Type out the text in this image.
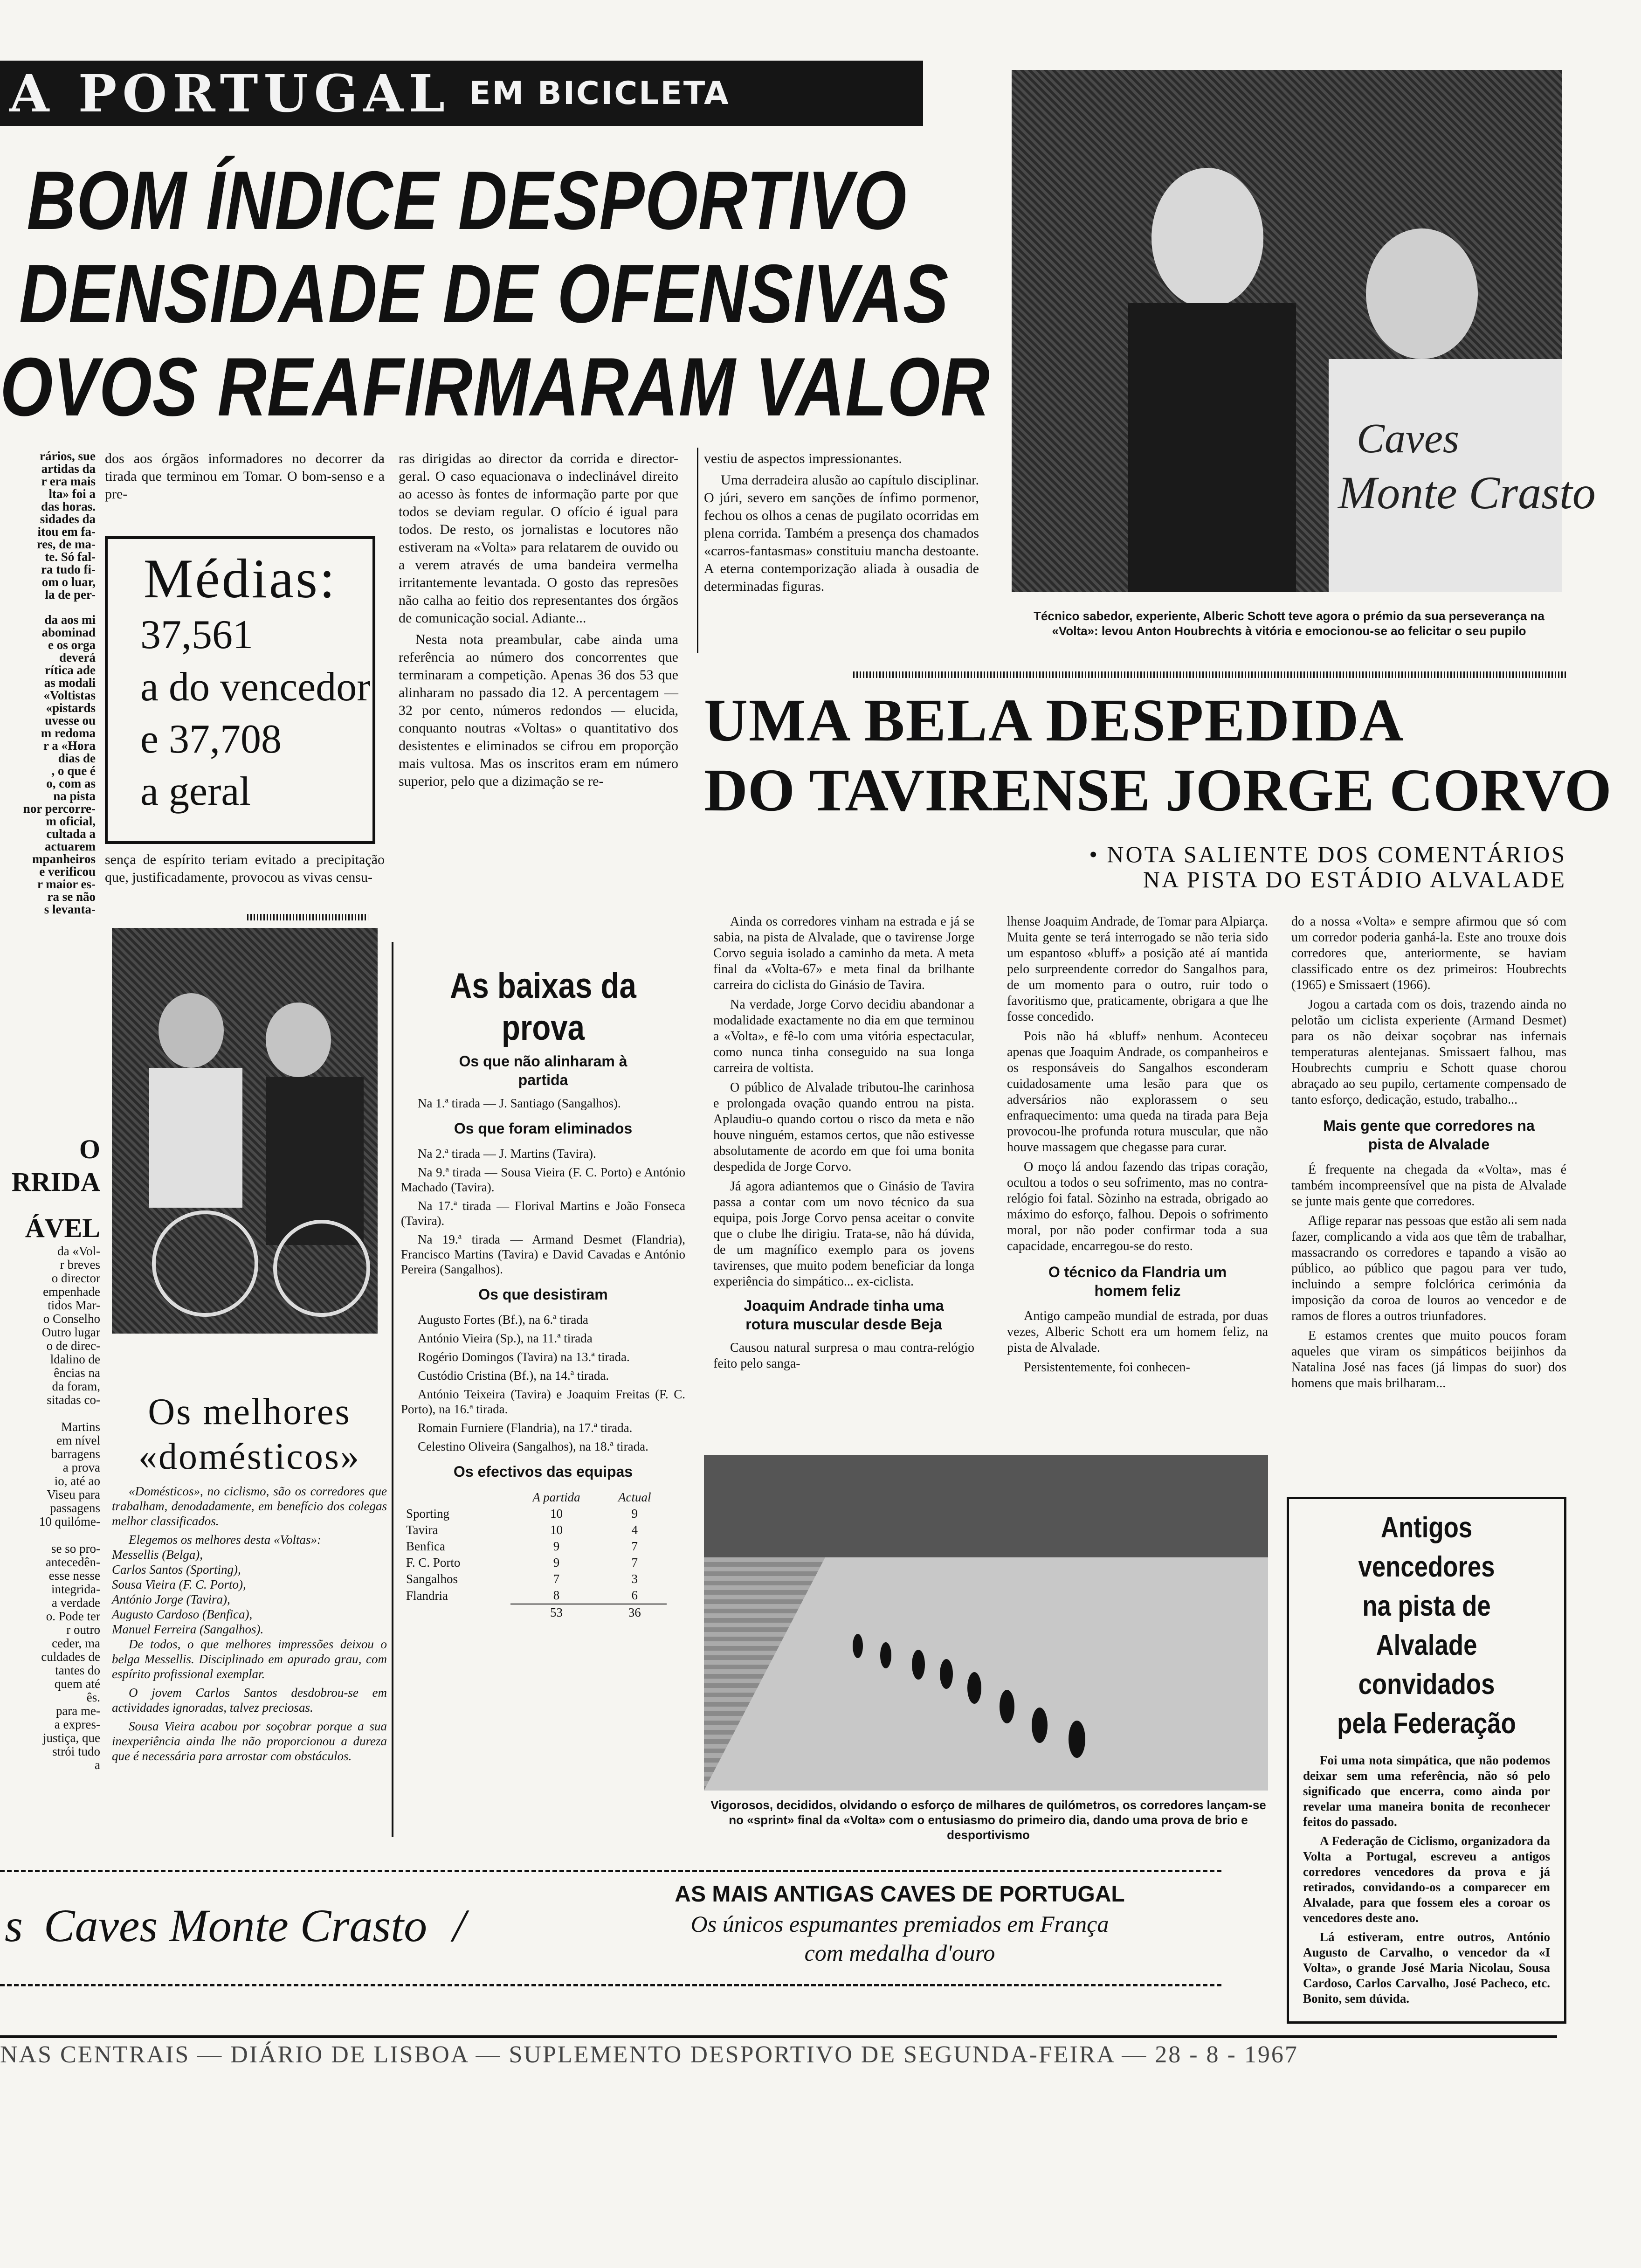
A PORTUGAL EM BICICLETA
BOM ÍNDICE DESPORTIVO
DENSIDADE DE OFENSIVAS
OVOS REAFIRMARAM VALOR
rários, sue
artidas da
r era mais
lta» foi a
das horas.
sidades da
itou em fa-
res, de ma-
te. Só fal-
ra tudo fi-
om o luar,
la de per-
da aos mi
abominad
e os orga
deverá
rítica ade
as modali
«Voltistas
«pistards
uvesse ou
m redoma
r a «Hora
dias de
, o que é
o, com as
na pista
nor percorre-
m oficial,
cultada a
actuarem
mpanheiros
e verificou
r maior es-
ra se não
s levanta-
Médias:
37,561
a do vencedor
e 37,708
a geral

dos aos órgãos informadores no decorrer da tirada que terminou em Tomar. O bom-senso e a pre-

sença de espírito teriam evitado a precipitação que, justificadamente, provocou as vivas censu-

ras dirigidas ao director da corrida e director-geral. O caso equacionava o indeclinável direito ao acesso às fontes de informação parte por que todos se deviam regular. O ofício é igual para todos. De resto, os jornalistas e locutores não estiveram na «Volta» para relatarem de ouvido ou a verem através de uma bandeira vermelha irritantemente levantada. O gosto das represões não calha ao feitio dos representantes dos órgãos de comunicação social. Adiante...

Nesta nota preambular, cabe ainda uma referência ao número dos concorrentes que terminaram a competição. Apenas 36 dos 53 que alinharam no passado dia 12. A percentagem — 32 por cento, números redondos — elucida, conquanto noutras «Voltas» o quantitativo dos desistentes e eliminados se cifrou em proporção mais vultosa. Mas os inscritos eram em número superior, pelo que a dizimação se re-

vestiu de aspectos impressionantes.

Uma derradeira alusão ao capítulo disciplinar. O júri, severo em sanções de ínfimo pormenor, fechou os olhos a cenas de pugilato ocorridas em plena corrida. Também a presença dos chamados «carros-fantasmas» constituiu mancha destoante. A eterna contemporização aliada à ousadia de determinadas figuras.

Caves
Monte Crasto
Técnico sabedor, experiente, Alberic Schott teve agora o prémio da sua perseverança na «Volta»: levou Anton Houbrechts à vitória e emocionou-se ao felicitar o seu pupilo
UMA BELA DESPEDIDA
DO TAVIRENSE JORGE CORVO
• NOTA SALIENTE DOS COMENTÁRIOS
NA PISTA DO ESTÁDIO ALVALADE

Ainda os corredores vinham na estrada e já se sabia, na pista de Alvalade, que o tavirense Jorge Corvo seguia isolado a caminho da meta. A meta final da «Volta-67» e meta final da brilhante carreira do ciclista do Ginásio de Tavira.

Na verdade, Jorge Corvo decidiu abandonar a modalidade exactamente no dia em que terminou a «Volta», e fê-lo com uma vitória espectacular, como nunca tinha conseguido na sua longa carreira de voltista.

O público de Alvalade tributou-lhe carinhosa e prolongada ovação quando entrou na pista. Aplaudiu-o quando cortou o risco da meta e não houve ninguém, estamos certos, que não estivesse absolutamente de acordo em que foi uma bonita despedida de Jorge Corvo.

Já agora adiantemos que o Ginásio de Tavira passa a contar com um novo técnico da sua equipa, pois Jorge Corvo pensa aceitar o convite que o clube lhe dirigiu. Trata-se, não há dúvida, de um magnífico exemplo para os jovens tavirenses, que muito podem beneficiar da longa experiência do simpático... ex-ciclista.

Joaquim Andrade tinha uma rotura muscular desde Beja

Causou natural surpresa o mau contra-relógio feito pelo sanga-

lhense Joaquim Andrade, de Tomar para Alpiarça. Muita gente se terá interrogado se não teria sido um espantoso «bluff» a posição até aí mantida pelo surpreendente corredor do Sangalhos para, de um momento para o outro, ruir todo o favoritismo que, praticamente, obrigara a que lhe fosse concedido.

Pois não há «bluff» nenhum. Aconteceu apenas que Joaquim Andrade, os companheiros e os responsáveis do Sangalhos esconderam cuidadosamente uma lesão para que os adversários não explorassem o seu enfraquecimento: uma queda na tirada para Beja provocou-lhe profunda rotura muscular, que não houve massagem que chegasse para curar.

O moço lá andou fazendo das tripas coração, ocultou a todos o seu sofrimento, mas no contra-relógio foi fatal. Sòzinho na estrada, obrigado ao máximo do esforço, falhou. Depois o sofrimento moral, por não poder confirmar toda a sua capacidade, encarregou-se do resto.

O técnico da Flandria um homem feliz

Antigo campeão mundial de estrada, por duas vezes, Alberic Schott era um homem feliz, na pista de Alvalade.

Persistentemente, foi conhecen-

do a nossa «Volta» e sempre afirmou que só com um corredor poderia ganhá-la. Este ano trouxe dois corredores que, anteriormente, se haviam classificado entre os dez primeiros: Houbrechts (1965) e Smissaert (1966).

Jogou a cartada com os dois, trazendo ainda no pelotão um ciclista experiente (Armand Desmet) para os não deixar soçobrar nas infernais temperaturas alentejanas. Smissaert falhou, mas Houbrechts cumpriu e Schott quase chorou abraçado ao seu pupilo, certamente compensado de tanto esforço, dedicação, estudo, trabalho...

Mais gente que corredores na pista de Alvalade

É frequente na chegada da «Volta», mas é também incompreensível que na pista de Alvalade se junte mais gente que corredores.

Aflige reparar nas pessoas que estão ali sem nada fazer, complicando a vida aos que têm de trabalhar, massacrando os corredores e tapando a visão ao público, ao público que pagou para ver tudo, incluindo a sempre folclórica cerimónia da imposição da coroa de louros ao vencedor e de ramos de flores a outros triunfadores.

E estamos crentes que muito poucos foram aqueles que viram os simpáticos beijinhos da Natalina José nas faces (já limpas do suor) dos homens que mais brilharam...

Vigorosos, decididos, olvidando o esforço de milhares de quilómetros, os corredores lançam-se no «sprint» final da «Volta» com o entusiasmo do primeiro dia, dando uma prova de brio e desportivismo
Antigos vencedores
na pista de Alvalade
convidados
pela Federação

Foi uma nota simpática, que não podemos deixar sem uma referência, não só pelo significado que encerra, como ainda por revelar uma maneira bonita de reconhecer feitos do passado.

A Federação de Ciclismo, organizadora da Volta a Portugal, escreveu a antigos corredores vencedores da prova e já retirados, convidando-os a comparecer em Alvalade, para que fossem eles a coroar os vencedores deste ano.

Lá estiveram, entre outros, António Augusto de Carvalho, o vencedor da «I Volta», o grande José Maria Nicolau, Sousa Cardoso, Carlos Carvalho, José Pacheco, etc. Bonito, sem dúvida.

O
RRIDA
ÁVEL
da «Vol-
r breves
o director
empenhade
tidos Mar-
o Conselho
Outro lugar
o de direc-
ldalino de
ências na
da foram,
sitadas co-
Martins
em nível
barragens
a prova
io, até ao
Viseu para
passagens
10 quilóme-
se so pro-
antecedên-
esse nesse
integrida-
a verdade
o. Pode ter
r outro
ceder, ma
culdades de
tantes do
quem até
ês.
para me-
a expres-
justiça, que
strói tudo
a
Os melhores
«domésticos»

«Domésticos», no ciclismo, são os corredores que trabalham, denodadamente, em benefício dos colegas melhor classificados.

Elegemos os melhores desta «Voltas»:

Messellis (Belga),
Carlos Santos (Sporting),
Sousa Vieira (F. C. Porto),
António Jorge (Tavira),
Augusto Cardoso (Benfica),
Manuel Ferreira (Sangalhos).

De todos, o que melhores impressões deixou o belga Messellis. Disciplinado em apurado grau, com espírito profissional exemplar.

O jovem Carlos Santos desdobrou-se em actividades ignoradas, talvez preciosas.

Sousa Vieira acabou por soçobrar porque a sua inexperiência ainda lhe não proporcionou a dureza que é necessária para arrostar com obstáculos.

As baixas da prova
Os que não alinharam à partida

Na 1.ª tirada — J. Santiago (Sangalhos).

Os que foram eliminados

Na 2.ª tirada — J. Martins (Tavira).

Na 9.ª tirada — Sousa Vieira (F. C. Porto) e António Machado (Tavira).

Na 17.ª tirada — Florival Martins e João Fonseca (Tavira).

Na 19.ª tirada — Armand Desmet (Flandria), Francisco Martins (Tavira) e David Cavadas e António Pereira (Sangalhos).

Os que desistiram

Augusto Fortes (Bf.), na 6.ª tirada

António Vieira (Sp.), na 11.ª tirada

Rogério Domingos (Tavira) na 13.ª tirada.

Custódio Cristina (Bf.), na 14.ª tirada.

António Teixeira (Tavira) e Joaquim Freitas (F. C. Porto), na 16.ª tirada.

Romain Furniere (Flandria), na 17.ª tirada.

Celestino Oliveira (Sangalhos), na 18.ª tirada.

Os efectivos das equipas
	A partida	Actual
Sporting	10	9
Tavira	10	4
Benfica	9	7
F. C. Porto	9	7
Sangalhos	7	3
Flandria	8	6
	53	36
s Caves Monte Crasto /
AS MAIS ANTIGAS CAVES DE PORTUGAL
Os únicos espumantes premiados em França
com medalha d'ouro
NAS CENTRAIS — DIÁRIO DE LISBOA — SUPLEMENTO DESPORTIVO DE SEGUNDA-FEIRA — 28 - 8 - 1967
